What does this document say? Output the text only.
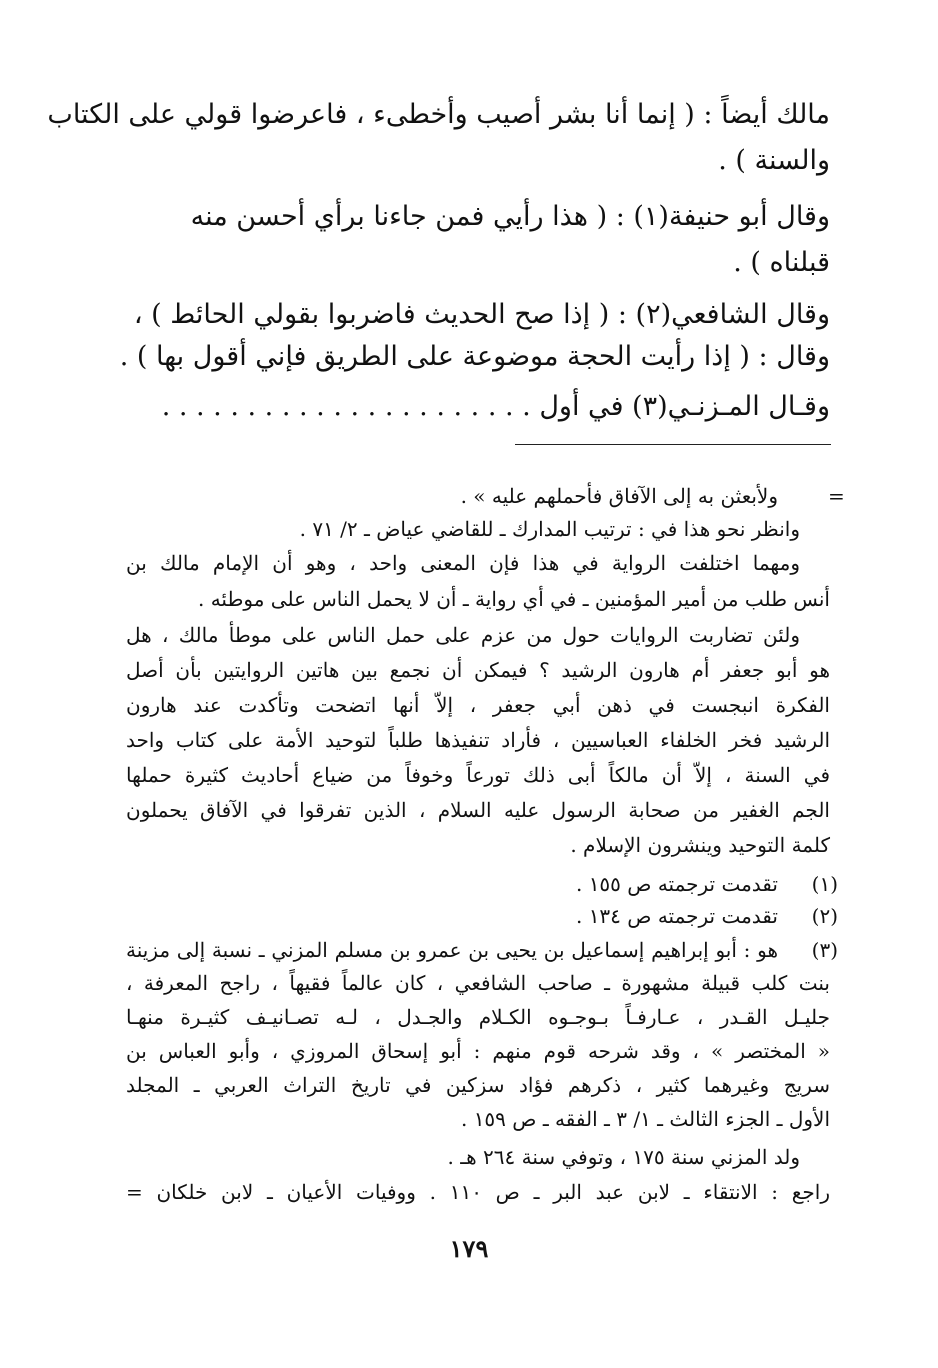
مالك أيضاً : ( إنما أنا بشر أصيب وأخطىء ، فاعرضوا قولي على الكتاب
والسنة ) .
وقال أبو حنيفة(١) : ( هذا رأيي فمن جاءنا برأي أحسن منه
قبلناه ) .
وقال الشافعي(٢) : ( إذا صح الحديث فاضربوا بقولي الحائط ) ،
وقال : ( إذا رأيت الحجة موضوعة على الطريق فإني أقول بها ) .
وقـال المـزنـي(٣) في أول . . . . . . . . . . . . . . . . . . . . . .
=
ولأبعثن به إلى الآفاق فأحملهم عليه » .
وانظر نحو هذا في : ترتيب المدارك ـ للقاضي عياض ـ ٢/ ٧١ .
ومهما اختلفت الرواية في هذا فإن المعنى واحد ، وهو أن الإمام مالك بن
أنس طلب من أمير المؤمنين ـ في أي رواية ـ أن لا يحمل الناس على موطئه .
ولئن تضاربت الروايات حول من عزم على حمل الناس على موطأ مالك ، هل
هو أبو جعفر أم هارون الرشيد ؟ فيمكن أن نجمع بين هاتين الروايتين بأن أصل
الفكرة انبجست في ذهن أبي جعفر ، إلاّ أنها اتضحت وتأكدت عند هارون
الرشيد فخر الخلفاء العباسيين ، فأراد تنفيذها طلباً لتوحيد الأمة على كتاب واحد
في السنة ، إلاّ أن مالكاً أبى ذلك تورعاً وخوفاً من ضياع أحاديث كثيرة حملها
الجم الغفير من صحابة الرسول عليه السلام ، الذين تفرقوا في الآفاق يحملون
كلمة التوحيد وينشرون الإسلام .
(١)
تقدمت ترجمته ص ١٥٥ .
(٢)
تقدمت ترجمته ص ١٣٤ .
(٣)
هو : أبو إبراهيم إسماعيل بن يحيى بن عمرو بن مسلم المزني ـ نسبة إلى مزينة
بنت كلب قبيلة مشهورة ـ صاحب الشافعي ، كان عالماً فقيهاً ، راجح المعرفة ،
جليـل القـدر ، عـارفـاً بـوجـوه الكـلام والجـدل ، لـه تصـانيـف كثيـرة منهـا
« المختصر » ، وقد شرحه قوم منهم : أبو إسحاق المروزي ، وأبو العباس بن
سريج وغيرهما كثير ، ذكرهم فؤاد سزكين في تاريخ التراث العربي ـ المجلد
الأول ـ الجزء الثالث ـ ١/ ٣ ـ الفقه ـ ص ١٥٩ .
ولد المزني سنة ١٧٥ ، وتوفي سنة ٢٦٤ هـ .
راجع : الانتقاء ـ لابن عبد البر ـ ص ١١٠ . ووفيات الأعيان ـ لابن خلكان =
١٧٩
